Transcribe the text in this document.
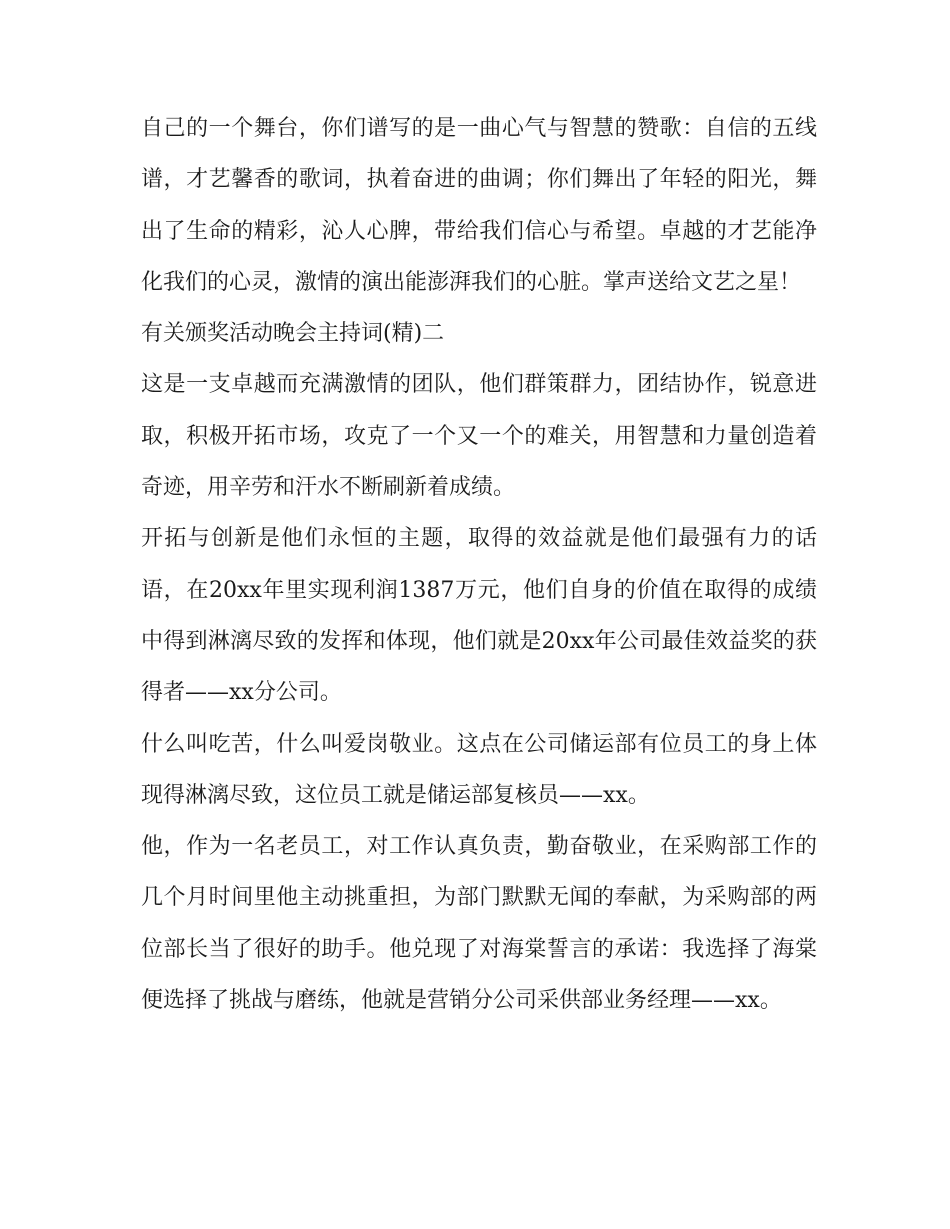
自己的一个舞台，你们谱写的是一曲心气与智慧的赞歌：自信的五线谱，才艺馨香的歌词，执着奋进的曲调；你们舞出了年轻的阳光，舞出了生命的精彩，沁人心脾，带给我们信心与希望。卓越的才艺能净化我们的心灵，激情的演出能澎湃我们的心脏。掌声送给文艺之星！

有关颁奖活动晚会主持词(精)二

这是一支卓越而充满激情的团队，他们群策群力，团结协作，锐意进取，积极开拓市场，攻克了一个又一个的难关，用智慧和力量创造着奇迹，用辛劳和汗水不断刷新着成绩。

开拓与创新是他们永恒的主题，取得的效益就是他们最强有力的话语，在20xx年里实现利润1387万元，他们自身的价值在取得的成绩中得到淋漓尽致的发挥和体现，他们就是20xx年公司最佳效益奖的获得者——xx分公司。

什么叫吃苦，什么叫爱岗敬业。这点在公司储运部有位员工的身上体现得淋漓尽致，这位员工就是储运部复核员——xx。

他，作为一名老员工，对工作认真负责，勤奋敬业，在采购部工作的几个月时间里他主动挑重担，为部门默默无闻的奉献，为采购部的两位部长当了很好的助手。他兑现了对海棠誓言的承诺：我选择了海棠便选择了挑战与磨练，他就是营销分公司采供部业务经理——xx。
